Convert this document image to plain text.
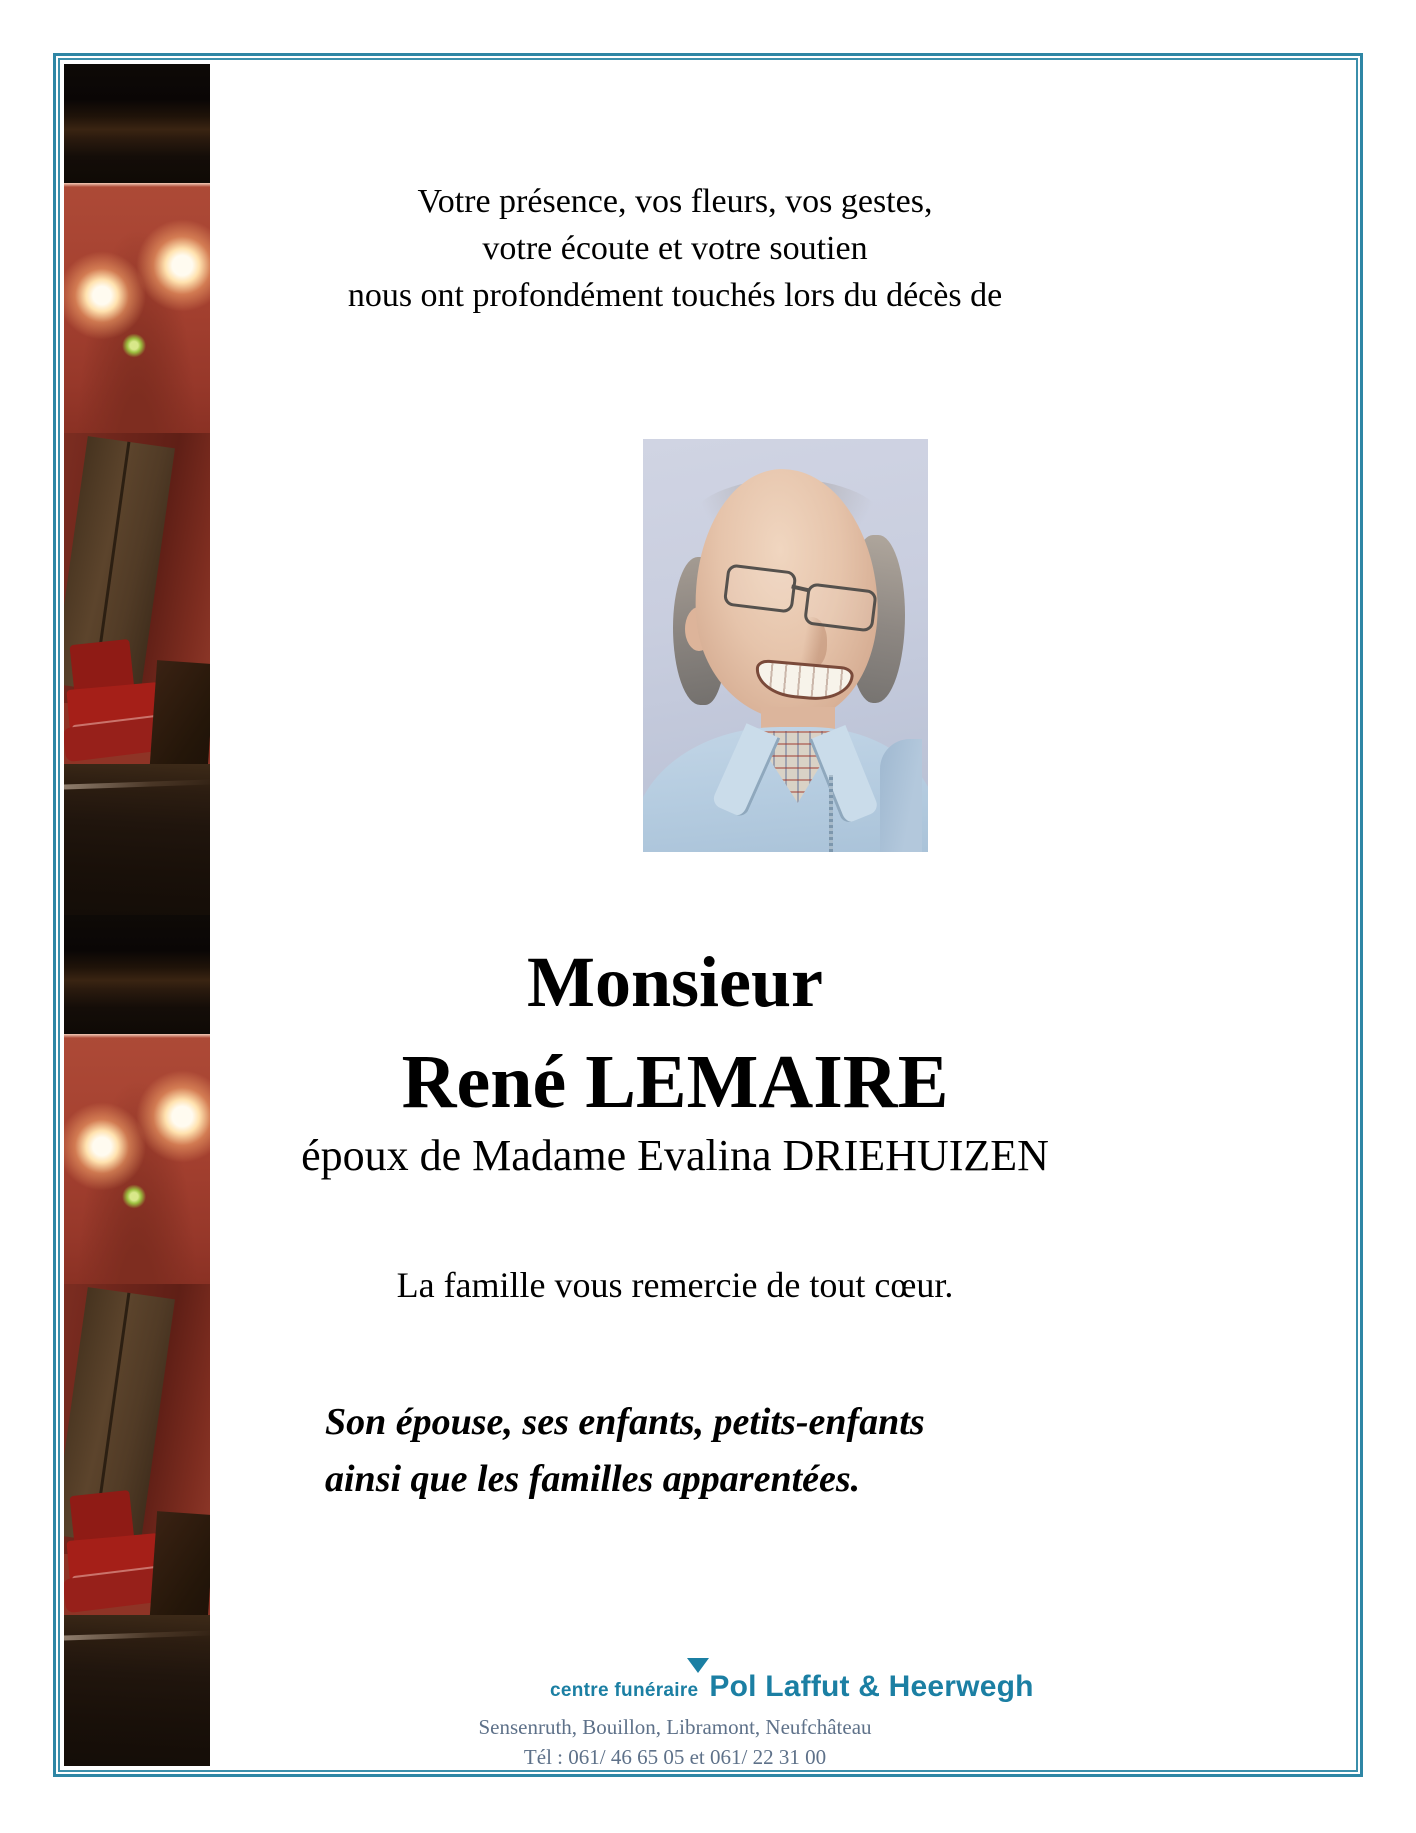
Votre présence, vos fleurs, vos gestes,
votre écoute et votre soutien
nous ont profondément touchés lors du décès de
Monsieur
René LEMAIRE
époux de Madame Evalina DRIEHUIZEN
La famille vous remercie de tout cœur.
Son épouse, ses enfants, petits-enfants
ainsi que les familles apparentées.
centre funéraire Pol Laffut & Heerwegh
Sensenruth, Bouillon, Libramont, Neufchâteau
Tél : 061/ 46 65 05 et 061/ 22 31 00
